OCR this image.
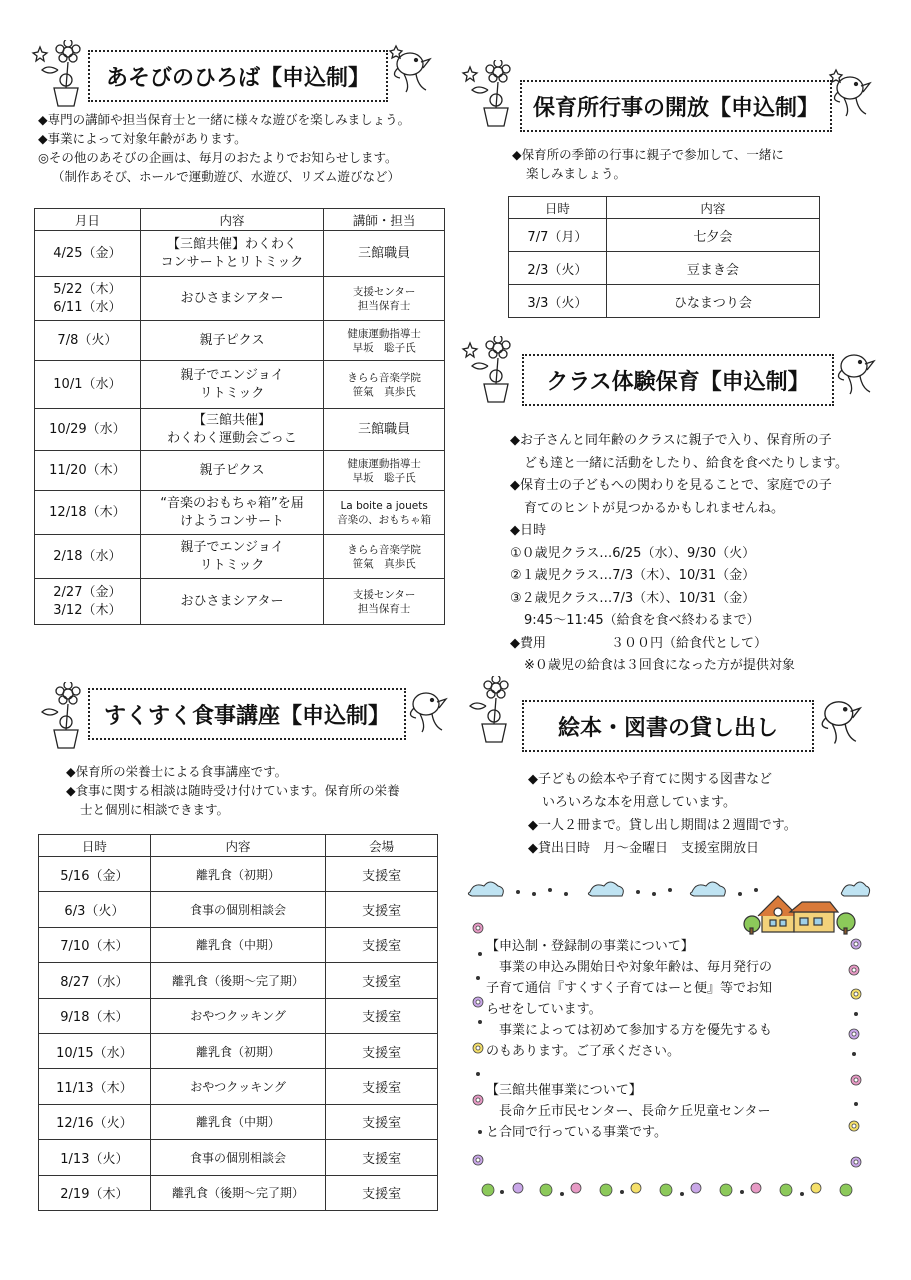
あそびのひろば【申込制】

◆専門の講師や担当保育士と一緒に様々な遊びを楽しみましょう。

◆事業によって対象年齢があります。

◎その他のあそびの企画は、毎月のおたよりでお知らせします。

（制作あそび、ホールで運動遊び、水遊び、リズム遊びなど）

月日	内容	講師・担当

4/25（金）	【三館共催】わくわく
コンサートとリトミック	三館職員

5/22（木）
6/11（水）	おひさまシアター	支援センター
担当保育士

7/8（火）	親子ピクス	健康運動指導士
早坂　聡子氏

10/1（水）	親子でエンジョイ
リトミック	きらら音楽学院
笹氣　真歩氏

10/29（水）	【三館共催】
わくわく運動会ごっこ	三館職員

11/20（木）	親子ピクス	健康運動指導士
早坂　聡子氏

12/18（木）	“音楽のおもちゃ箱”を届
けようコンサート	La boite a jouets
音楽の、おもちゃ箱

2/18（水）	親子でエンジョイ
リトミック	きらら音楽学院
笹氣　真歩氏

2/27（金）
3/12（木）	おひさまシアター	支援センター
担当保育士
保育所行事の開放【申込制】

◆保育所の季節の行事に親子で参加して、一緒に

楽しみましょう。

日時	内容
7/7（月）	七夕会
2/3（火）	豆まき会
3/3（火）	ひなまつり会
クラス体験保育【申込制】

◆お子さんと同年齢のクラスに親子で入り、保育所の子

ども達と一緒に活動をしたり、給食を食べたりします。

◆保育士の子どもへの関わりを見ることで、家庭での子

育てのヒントが見つかるかもしれませんね。

◆日時

①０歳児クラス…6/25（水）、9/30（火）

②１歳児クラス…7/3（木）、10/31（金）

③２歳児クラス…7/3（木）、10/31（金）

9:45～11:45（給食を食べ終わるまで）

◆費用　　　　　３００円（給食代として）

※０歳児の給食は３回食になった方が提供対象

すくすく食事講座【申込制】

◆保育所の栄養士による食事講座です。

◆食事に関する相談は随時受け付けています。保育所の栄養

士と個別に相談できます。

日時	内容	会場
5/16（金）	離乳食（初期）	支援室
6/3（火）	食事の個別相談会	支援室
7/10（木）	離乳食（中期）	支援室
8/27（水）	離乳食（後期～完了期）	支援室
9/18（木）	おやつクッキング	支援室
10/15（水）	離乳食（初期）	支援室
11/13（木）	おやつクッキング	支援室
12/16（火）	離乳食（中期）	支援室
1/13（火）	食事の個別相談会	支援室
2/19（木）	離乳食（後期～完了期）	支援室
絵本・図書の貸し出し

◆子どもの絵本や子育てに関する図書など

いろいろな本を用意しています。

◆一人２冊まで。貸し出し期間は２週間です。

◆貸出日時　月～金曜日　支援室開放日

【申込制・登録制の事業について】

　事業の申込み開始日や対象年齢は、毎月発行の

子育て通信『すくすく子育てはーと便』等でお知

らせをしています。

　事業によっては初めて参加する方を優先するも

のもあります。ご了承ください。

【三館共催事業について】

　長命ケ丘市民センター、長命ケ丘児童センター

と合同で行っている事業です。
